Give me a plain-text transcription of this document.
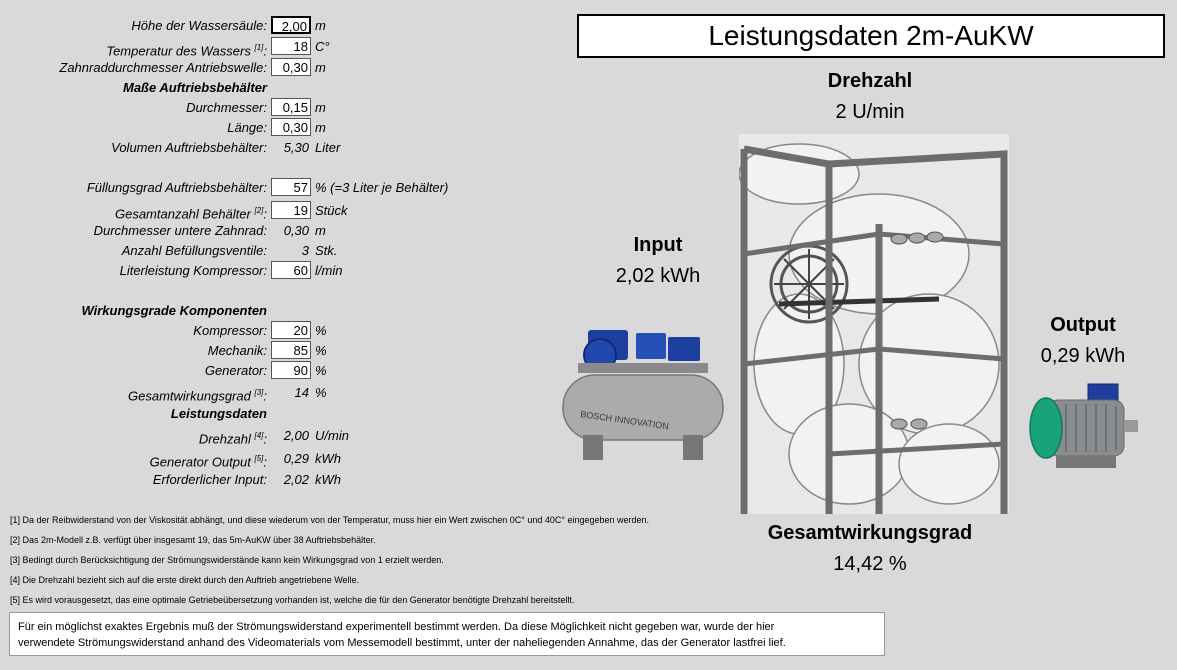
Höhe der Wassersäule:	2,00 m
Temperatur des Wassers [1]:	18 C°
Zahnraddurchmesser Antriebswelle:	0,30 m
Maße Auftriebsbehälter
Durchmesser:	0,15 m
Länge:	0,30 m
Volumen Auftriebsbehälter:	5,30 Liter
Füllungsgrad Auftriebsbehälter:	57 % (=3 Liter je Behälter)
Gesamtanzahl Behälter [2]:	19 Stück
Durchmesser untere Zahnrad:	0,30 m
Anzahl Befüllungsventile:	3 Stk.
Literleistung Kompressor:	60 l/min
Wirkungsgrade Komponenten
Kompressor:	20 %
Mechanik:	85 %
Generator:	90 %
Gesamtwirkungsgrad [3]:	14 %
Leistungsdaten
Drehzahl [4]:	2,00 U/min
Generator Output [5]:	0,29 kWh
Erforderlicher Input:	2,02 kWh
[1] Da der Reibwiderstand von der Viskosität abhängt, und diese wiederum von der Temperatur, muss hier ein Wert zwischen 0C° und 40C° eingegeben werden.
[2] Das 2m-Modell z.B. verfügt über insgesamt 19, das 5m-AuKW über 38 Auftriebsbehälter.
[3] Bedingt durch Berücksichtigung der Strömungswiderstände kann kein Wirkungsgrad von 1 erzielt werden.
[4] Die Drehzahl bezieht sich auf die erste direkt durch den Auftrieb angetriebene Welle.
[5] Es wird vorausgesetzt, das eine optimale Getriebeübersetzung vorhanden ist, welche die für den Generator benötigte Drehzahl bereitstellt.
Für ein möglichst exaktes Ergebnis muß der Strömungswiderstand experimentell bestimmt werden. Da diese Möglichkeit nicht gegeben war, wurde der hier
verwendete Strömungswiderstand anhand des Videomaterials vom Messemodell bestimmt, unter der naheliegenden Annahme, das der Generator lastfrei lief.
Leistungsdaten 2m-AuKW
Drehzahl
2 U/min
Input
2,02 kWh
Output
0,29 kWh
Gesamtwirkungsgrad
14,42 %
BOSCH INNOVATION
